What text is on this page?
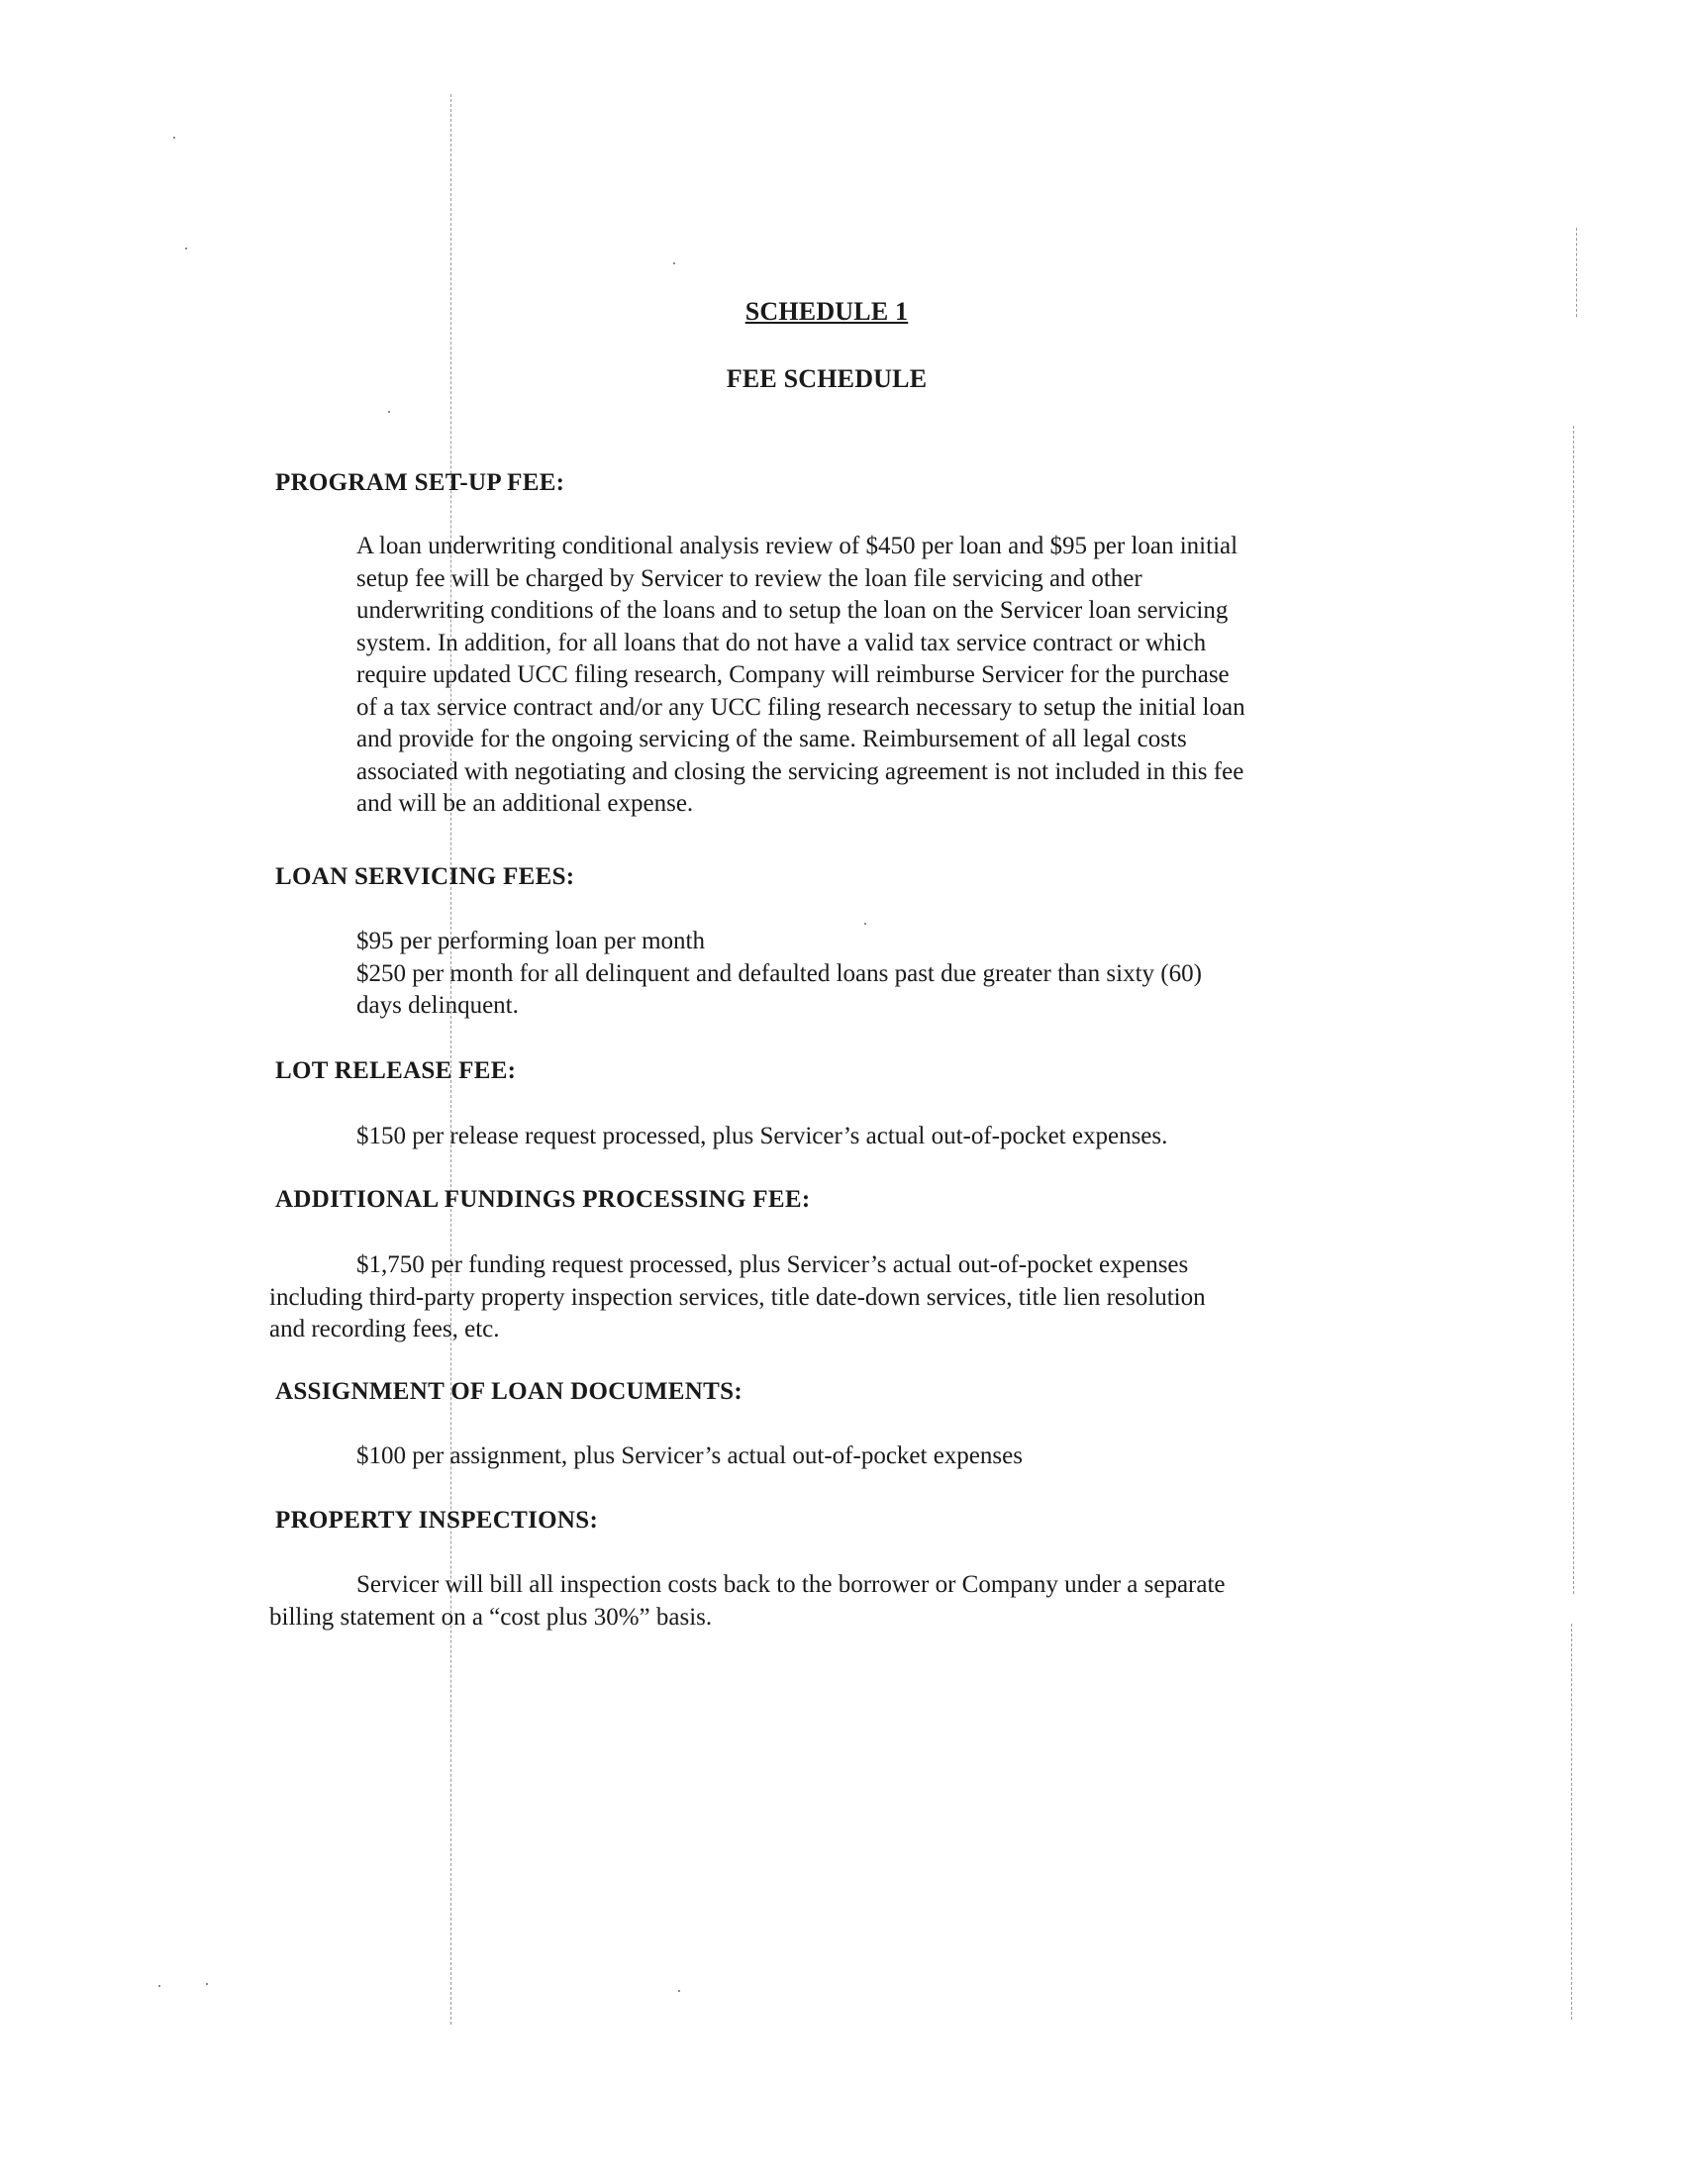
SCHEDULE 1
FEE SCHEDULE
PROGRAM SET-UP FEE:
A loan underwriting conditional analysis review of $450 per loan and $95 per loan initial
setup fee will be charged by Servicer to review the loan file servicing and other
underwriting conditions of the loans and to setup the loan on the Servicer loan servicing
system. In addition, for all loans that do not have a valid tax service contract or which
require updated UCC filing research, Company will reimburse Servicer for the purchase
of a tax service contract and/or any UCC filing research necessary to setup the initial loan
and provide for the ongoing servicing of the same. Reimbursement of all legal costs
associated with negotiating and closing the servicing agreement is not included in this fee
and will be an additional expense.
LOAN SERVICING FEES:
$95 per performing loan per month
$250 per month for all delinquent and defaulted loans past due greater than sixty (60)
days delinquent.
LOT RELEASE FEE:
$150 per release request processed, plus Servicer’s actual out-of-pocket expenses.
ADDITIONAL FUNDINGS PROCESSING FEE:
$1,750 per funding request processed, plus Servicer’s actual out-of-pocket expenses
including third-party property inspection services, title date-down services, title lien resolution
and recording fees, etc.
ASSIGNMENT OF LOAN DOCUMENTS:
$100 per assignment, plus Servicer’s actual out-of-pocket expenses
PROPERTY INSPECTIONS:
Servicer will bill all inspection costs back to the borrower or Company under a separate
billing statement on a “cost plus 30%” basis.
